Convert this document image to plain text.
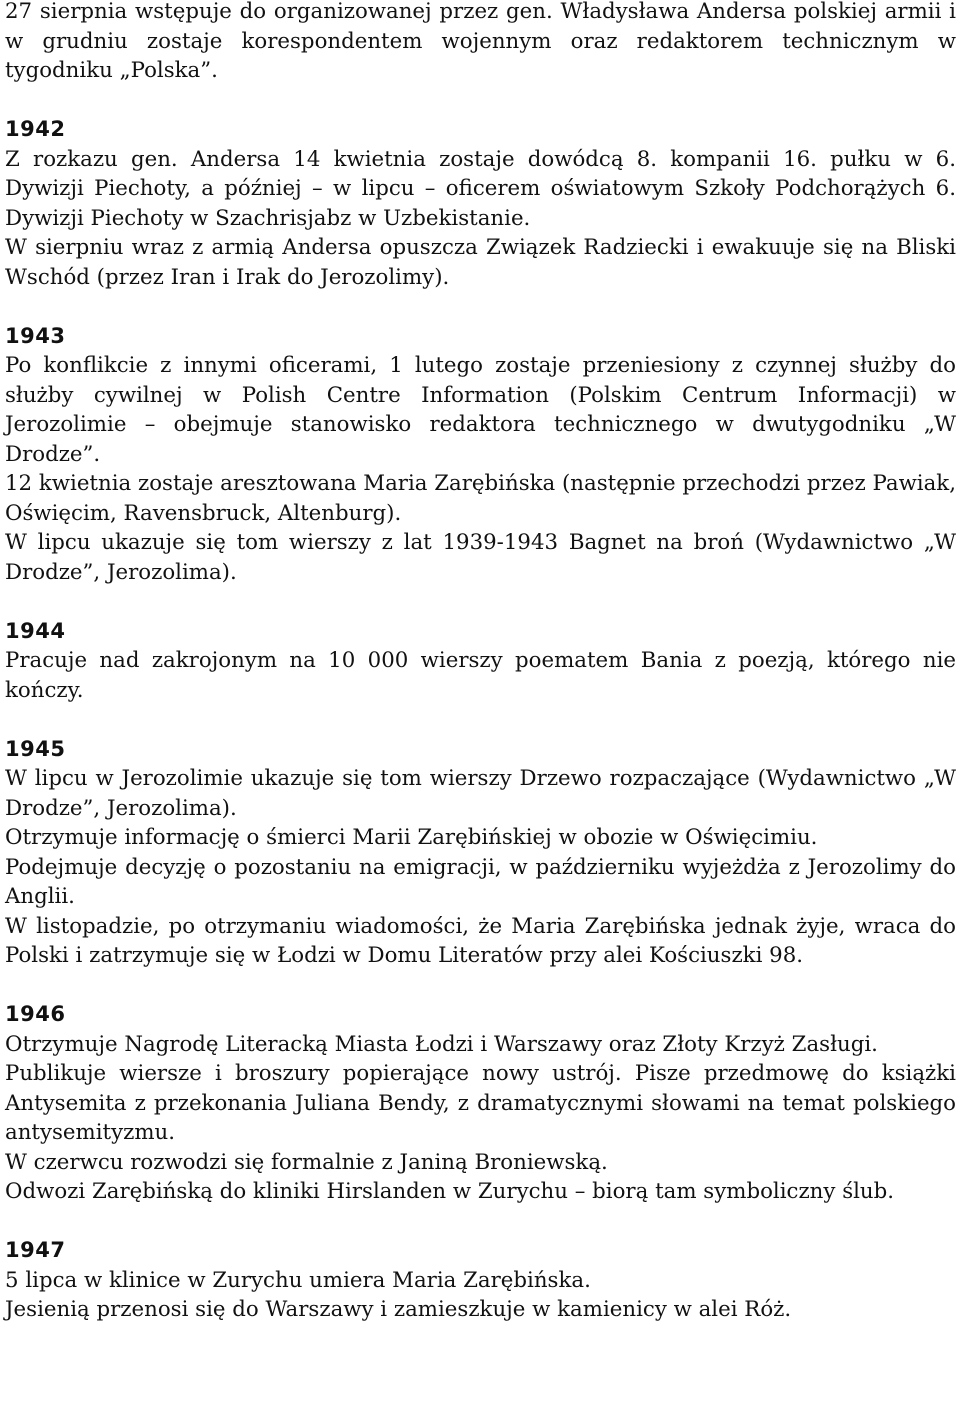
27 sierpnia wstępuje do organizowanej przez gen. Władysława Andersa polskiej armii i w grudniu zostaje korespondentem wojennym oraz redaktorem technicznym w tygodniku „Polska”.

1942

Z rozkazu gen. Andersa 14 kwietnia zostaje dowódcą 8. kompanii 16. pułku w 6. Dywizji Piechoty, a później – w lipcu – oficerem oświatowym Szkoły Podchorążych 6. Dywizji Piechoty w Szachrisjabz w Uzbekistanie.

W sierpniu wraz z armią Andersa opuszcza Związek Radziecki i ewakuuje się na Bliski Wschód (przez Iran i Irak do Jerozolimy).

1943

Po konflikcie z innymi oficerami, 1 lutego zostaje przeniesiony z czynnej służby do służby cywilnej w Polish Centre Information (Polskim Centrum Informacji) w Jerozolimie – obejmuje stanowisko redaktora technicznego w dwutygodniku „W Drodze”.

12 kwietnia zostaje aresztowana Maria Zarębińska (następnie przechodzi przez Pawiak, Oświęcim, Ravensbruck, Altenburg).

W lipcu ukazuje się tom wierszy z lat 1939-1943 Bagnet na broń (Wydawnictwo „W Drodze”, Jerozolima).

1944

Pracuje nad zakrojonym na 10 000 wierszy poematem Bania z poezją, którego nie kończy.

1945

W lipcu w Jerozolimie ukazuje się tom wierszy Drzewo rozpaczające (Wydawnictwo „W Drodze”, Jerozolima).

Otrzymuje informację o śmierci Marii Zarębińskiej w obozie w Oświęcimiu.

Podejmuje decyzję o pozostaniu na emigracji, w październiku wyjeżdża z Jerozolimy do Anglii.

W listopadzie, po otrzymaniu wiadomości, że Maria Zarębińska jednak żyje, wraca do Polski i zatrzymuje się w Łodzi w Domu Literatów przy alei Kościuszki 98.

1946

Otrzymuje Nagrodę Literacką Miasta Łodzi i Warszawy oraz Złoty Krzyż Zasługi.

Publikuje wiersze i broszury popierające nowy ustrój. Pisze przedmowę do książki Antysemita z przekonania Juliana Bendy, z dramatycznymi słowami na temat polskiego antysemityzmu.

W czerwcu rozwodzi się formalnie z Janiną Broniewską.

Odwozi Zarębińską do kliniki Hirslanden w Zurychu – biorą tam symboliczny ślub.

1947

5 lipca w klinice w Zurychu umiera Maria Zarębińska.

Jesienią przenosi się do Warszawy i zamieszkuje w kamienicy w alei Róż.
